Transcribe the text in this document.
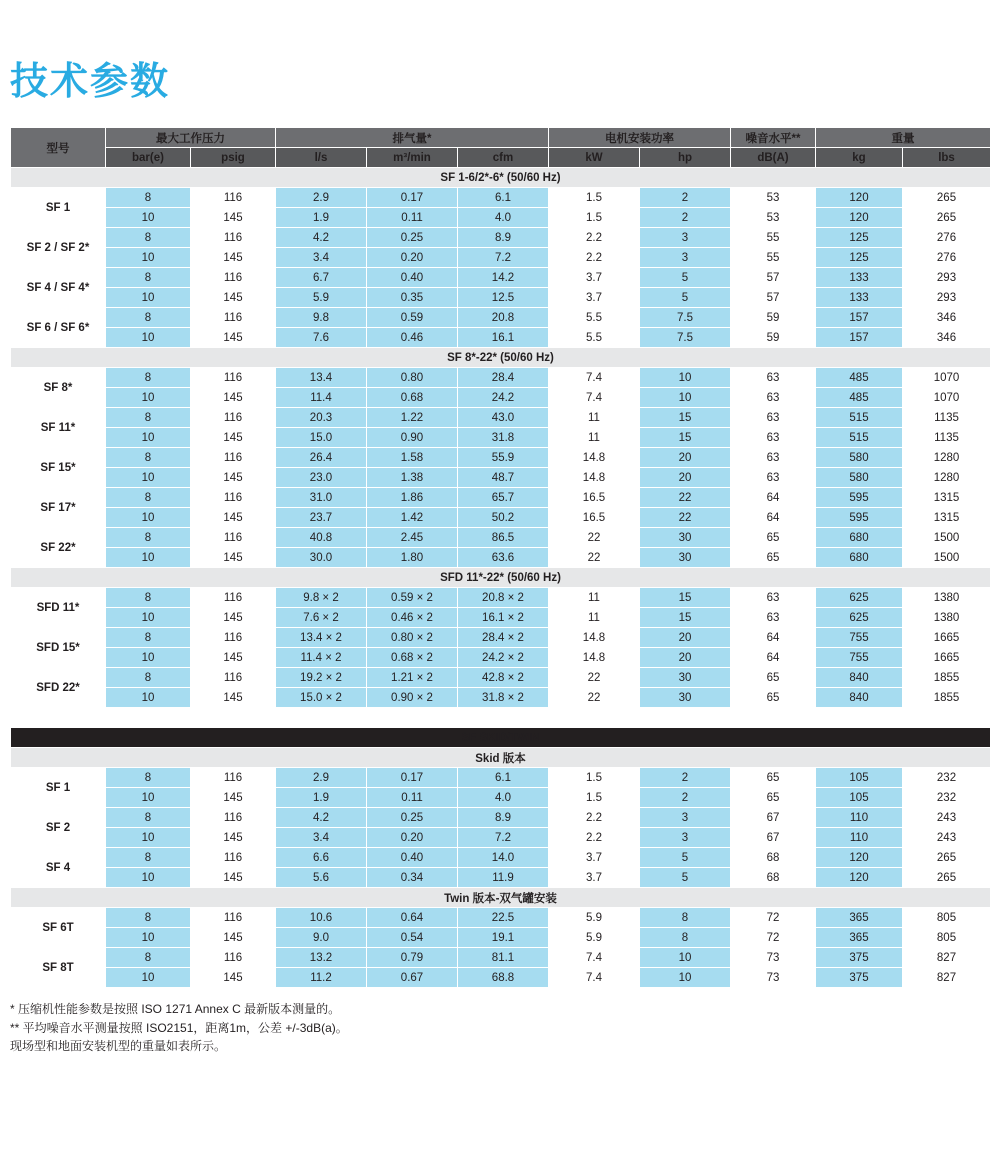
技术参数
型号	最大工作压力		排气量*			电机安装功率		噪音水平**	重量	
	bar(e)	psig	l/s	m³/min	cfm	kW	hp	dB(A)	kg	lbs
SF 1-6/2*-6* (50/60 Hz)										
SF 1	8	116	2.9	0.17	6.1	1.5	2	53	120	265
	10	145	1.9	0.11	4.0	1.5	2	53	120	265
SF 2 / SF 2*	8	116	4.2	0.25	8.9	2.2	3	55	125	276
	10	145	3.4	0.20	7.2	2.2	3	55	125	276
SF 4 / SF 4*	8	116	6.7	0.40	14.2	3.7	5	57	133	293
	10	145	5.9	0.35	12.5	3.7	5	57	133	293
SF 6 / SF 6*	8	116	9.8	0.59	20.8	5.5	7.5	59	157	346
	10	145	7.6	0.46	16.1	5.5	7.5	59	157	346
SF 8*-22* (50/60 Hz)										
SF 8*	8	116	13.4	0.80	28.4	7.4	10	63	485	1070
	10	145	11.4	0.68	24.2	7.4	10	63	485	1070
SF 11*	8	116	20.3	1.22	43.0	11	15	63	515	1135
	10	145	15.0	0.90	31.8	11	15	63	515	1135
SF 15*	8	116	26.4	1.58	55.9	14.8	20	63	580	1280
	10	145	23.0	1.38	48.7	14.8	20	63	580	1280
SF 17*	8	116	31.0	1.86	65.7	16.5	22	64	595	1315
	10	145	23.7	1.42	50.2	16.5	22	64	595	1315
SF 22*	8	116	40.8	2.45	86.5	22	30	65	680	1500
	10	145	30.0	1.80	63.6	22	30	65	680	1500
SFD 11*-22* (50/60 Hz)										
SFD 11*	8	116	9.8 × 2	0.59 × 2	20.8 × 2	11	15	63	625	1380
	10	145	7.6 × 2	0.46 × 2	16.1 × 2	11	15	63	625	1380
SFD 15*	8	116	13.4 × 2	0.80 × 2	28.4 × 2	14.8	20	64	755	1665
	10	145	11.4 × 2	0.68 × 2	24.2 × 2	14.8	20	64	755	1665
SFD 22*	8	116	19.2 × 2	1.21 × 2	42.8 × 2	22	30	65	840	1855
	10	145	15.0 × 2	0.90 × 2	31.8 × 2	22	30	65	840	1855

SF SKID/TWIN										
Skid 版本										
SF 1	8	116	2.9	0.17	6.1	1.5	2	65	105	232
	10	145	1.9	0.11	4.0	1.5	2	65	105	232
SF 2	8	116	4.2	0.25	8.9	2.2	3	67	110	243
	10	145	3.4	0.20	7.2	2.2	3	67	110	243
SF 4	8	116	6.6	0.40	14.0	3.7	5	68	120	265
	10	145	5.6	0.34	11.9	3.7	5	68	120	265
Twin 版本-双气罐安装										
SF 6T	8	116	10.6	0.64	22.5	5.9	8	72	365	805
	10	145	9.0	0.54	19.1	5.9	8	72	365	805
SF 8T	8	116	13.2	0.79	81.1	7.4	10	73	375	827
	10	145	11.2	0.67	68.8	7.4	10	73	375	827
* 压缩机性能参数是按照 ISO 1271 Annex C 最新版本测量的。
** 平均噪音水平测量按照 ISO2151，距离1m，公差 +/-3dB(a)。
现场型和地面安装机型的重量如表所示。
